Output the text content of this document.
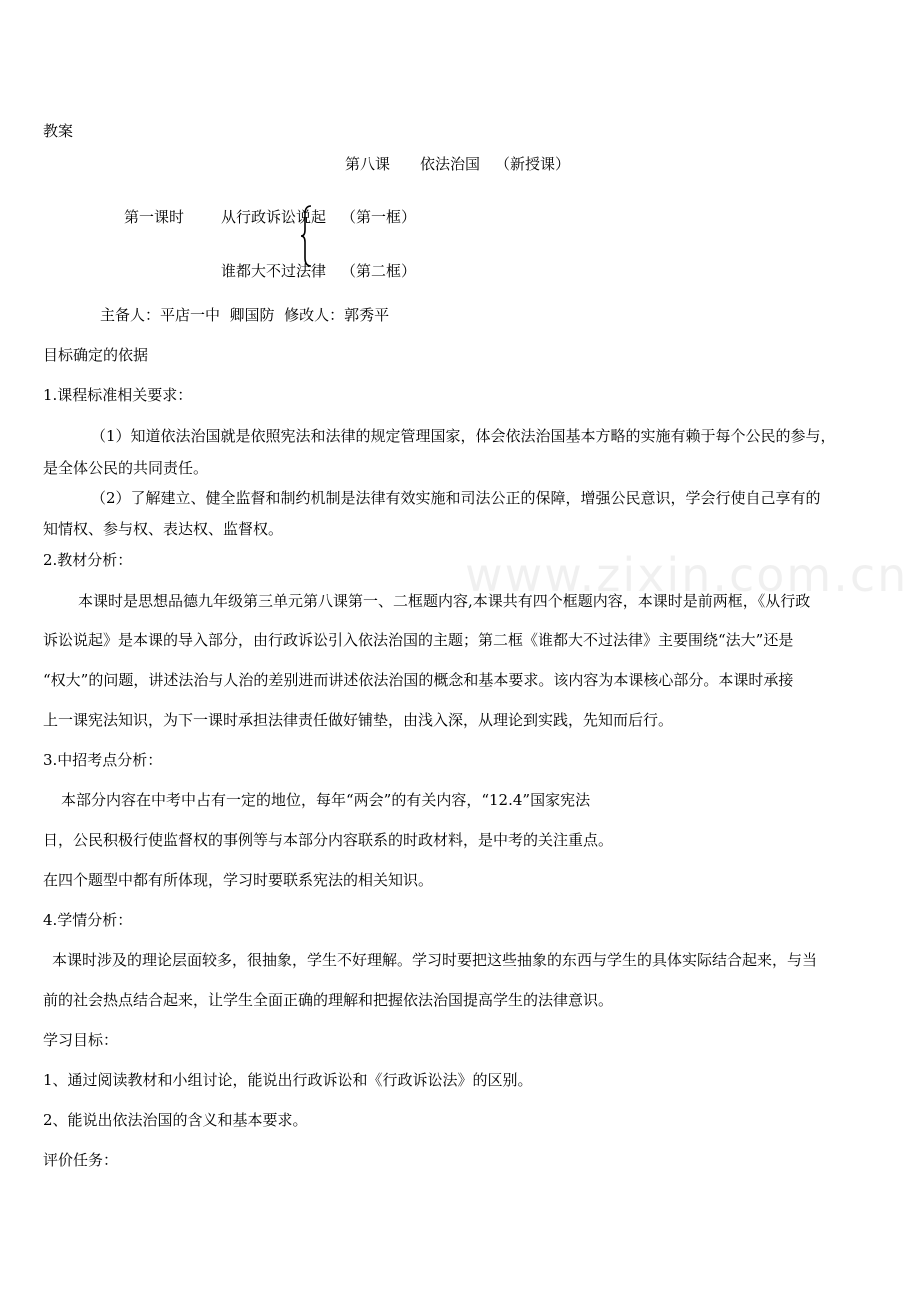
www.zixin.com.cn
教案
第八课 依法治国 （新授课）
第一课时 从行政诉讼说起 （第一框）
谁都大不过法律 （第二框）
主备人：平店一中  卿国防  修改人：郭秀平
目标确定的依据
1.课程标准相关要求：
（1）知道依法治国就是依照宪法和法律的规定管理国家，体会依法治国基本方略的实施有赖于每个公民的参与，
是全体公民的共同责任。
（2）了解建立、健全监督和制约机制是法律有效实施和司法公正的保障，增强公民意识，学会行使自己享有的
知情权、参与权、表达权、监督权。
2.教材分析：
本课时是思想品德九年级第三单元第八课第一、二框题内容,本课共有四个框题内容，本课时是前两框，《从行政
诉讼说起》是本课的导入部分，由行政诉讼引入依法治国的主题；第二框《谁都大不过法律》主要围绕“法大”还是
“权大”的问题，讲述法治与人治的差别进而讲述依法治国的概念和基本要求。该内容为本课核心部分。本课时承接
上一课宪法知识，为下一课时承担法律责任做好铺垫，由浅入深，从理论到实践，先知而后行。
3.中招考点分析：
本部分内容在中考中占有一定的地位，每年“两会”的有关内容，“12.4”国家宪法
日，公民积极行使监督权的事例等与本部分内容联系的时政材料，是中考的关注重点。
在四个题型中都有所体现，学习时要联系宪法的相关知识。
4.学情分析：
本课时涉及的理论层面较多，很抽象，学生不好理解。学习时要把这些抽象的东西与学生的具体实际结合起来，与当
前的社会热点结合起来，让学生全面正确的理解和把握依法治国提高学生的法律意识。
学习目标：
1、通过阅读教材和小组讨论，能说出行政诉讼和《行政诉讼法》的区别。
2、能说出依法治国的含义和基本要求。
评价任务：
